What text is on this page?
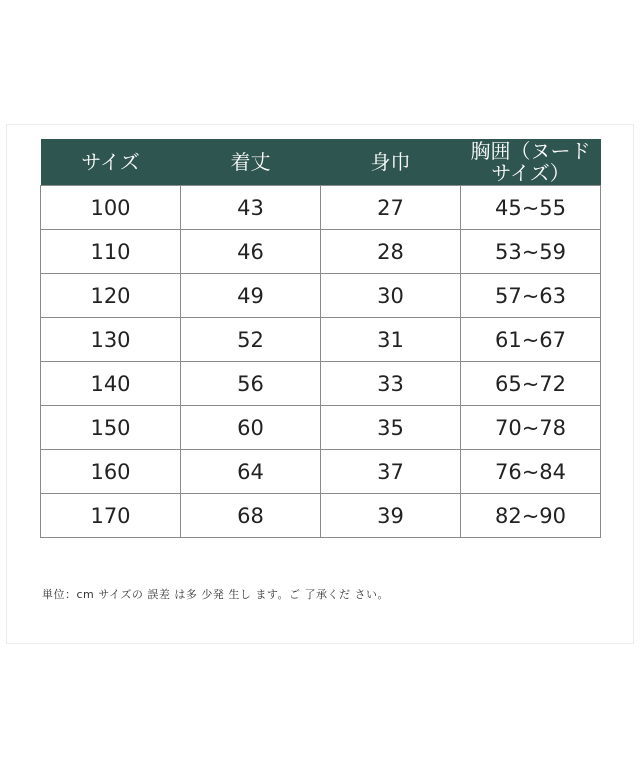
サイズ	着丈	身巾	胸囲（ヌードサイズ）
100	43	27	45~55
110	46	28	53~59
120	49	30	57~63
130	52	31	61~67
140	56	33	65~72
150	60	35	70~78
160	64	37	76~84
170	68	39	82~90
単位：cm サイズの 誤差 は多 少発 生し ます。ご 了承くだ さい。
